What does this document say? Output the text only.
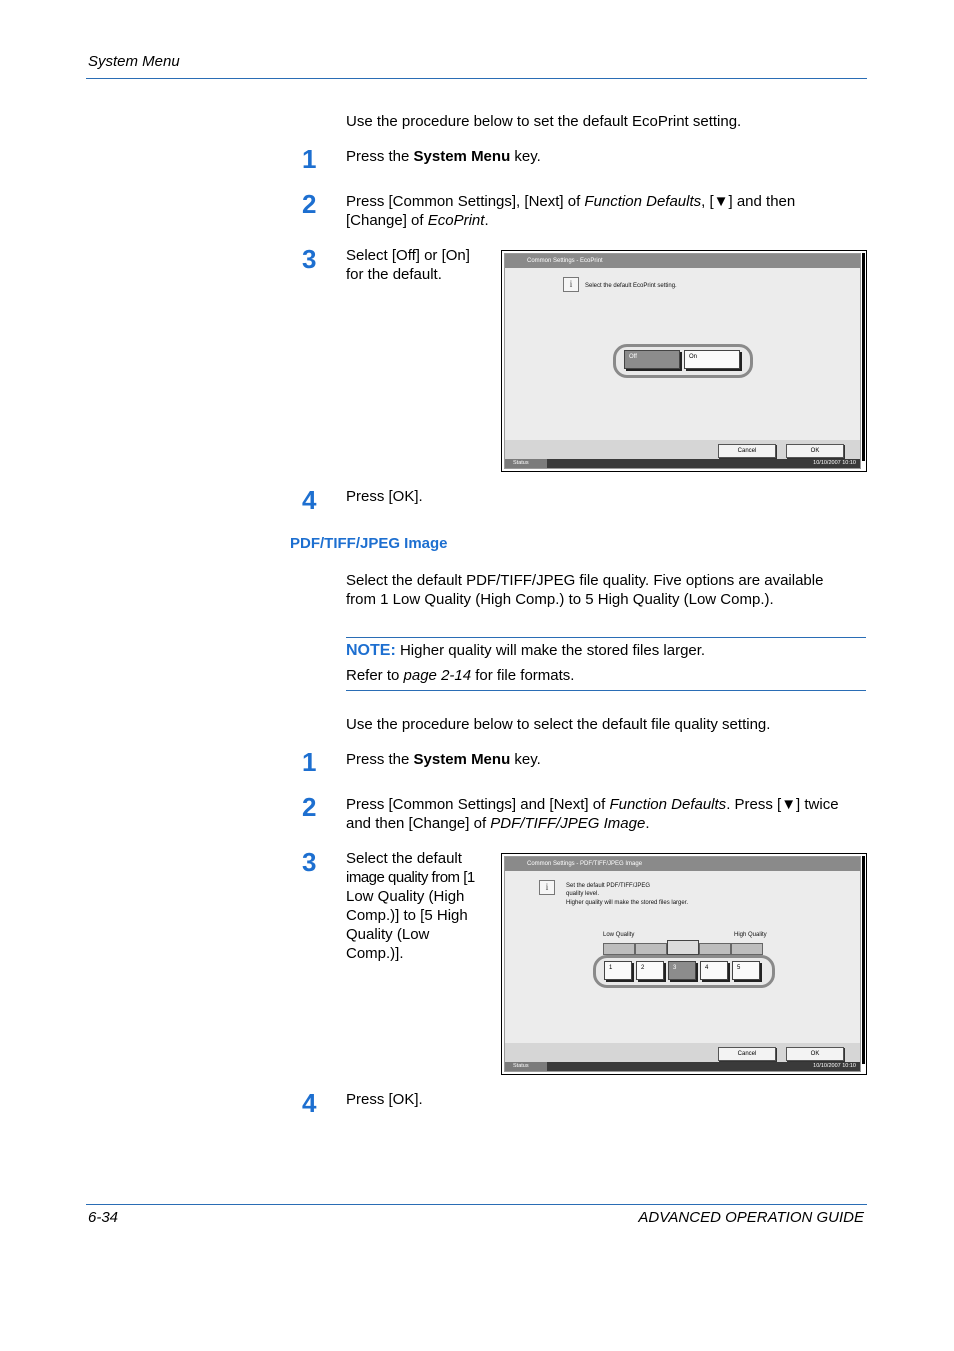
System Menu
Use the procedure below to set the default EcoPrint setting.
1 Press the System Menu key.
2 Press [Common Settings], [Next] of Function Defaults, [▼] and then
[Change] of EcoPrint.
3 Select [Off] or [On]
for the default.
Common Settings - EcoPrint
i	Select the default EcoPrint setting.
Off	On
Cancel	OK
Status	10/10/2007 10:10
4 Press [OK].
PDF/TIFF/JPEG Image
Select the default PDF/TIFF/JPEG file quality. Five options are available
from 1 Low Quality (High Comp.) to 5 High Quality (Low Comp.).
NOTE: Higher quality will make the stored files larger.
Refer to page 2-14 for file formats.
Use the procedure below to select the default file quality setting.
1 Press the System Menu key.
2 Press [Common Settings] and [Next] of Function Defaults. Press [▼] twice
and then [Change] of PDF/TIFF/JPEG Image.
3 Select the default
image quality from [1
Low Quality (High
Comp.)] to [5 High
Quality (Low
Comp.)].
Common Settings - PDF/TIFF/JPEG Image
i	Set the default PDF/TIFF/JPEG
quality level.
Higher quality will make the stored files larger.
Low Quality	High Quality
1	2	3	4	5
Cancel	OK
Status	10/10/2007 10:10
4 Press [OK].
6-34	ADVANCED OPERATION GUIDE
